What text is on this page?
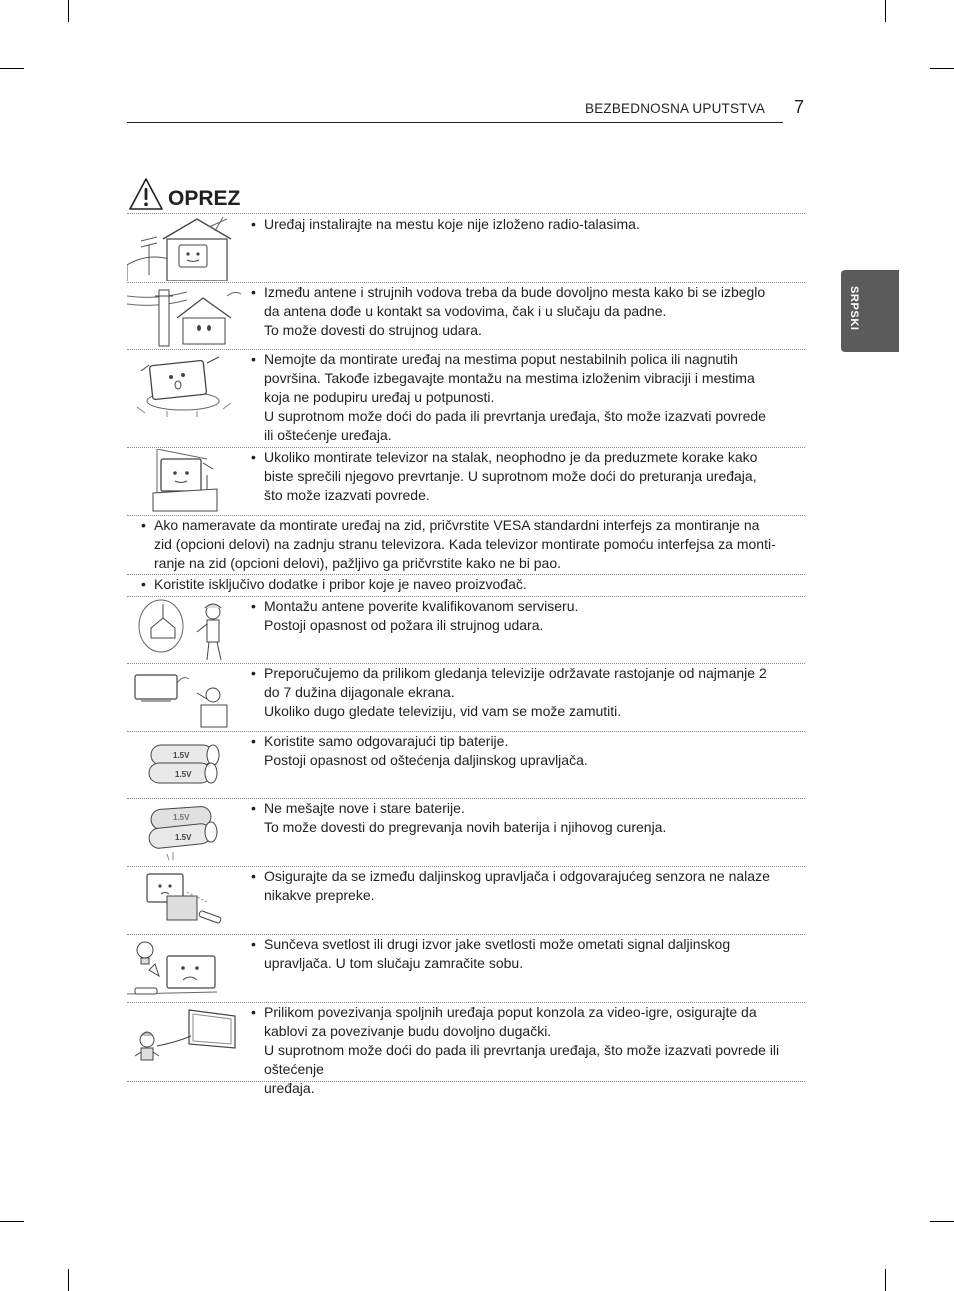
BEZBEDNOSNA UPUTSTVA 7
SRPSKI
OPREZ
• Uređaj instalirajte na mestu koje nije izloženo radio-talasima.
• Između antene i strujnih vodova treba da bude dovoljno mesta kako bi se izbeglo
da antena dođe u kontakt sa vodovima, čak i u slučaju da padne.
To može dovesti do strujnog udara.
• Nemojte da montirate uređaj na mestima poput nestabilnih polica ili nagnutih
površina. Takođe izbegavajte montažu na mestima izloženim vibraciji i mestima
koja ne podupiru uređaj u potpunosti.
U suprotnom može doći do pada ili prevrtanja uređaja, što može izazvati povrede
ili oštećenje uređaja.
• Ukoliko montirate televizor na stalak, neophodno je da preduzmete korake kako
biste sprečili njegovo prevrtanje. U suprotnom može doći do preturanja uređaja,
što može izazvati povrede.
• Ako nameravate da montirate uređaj na zid, pričvrstite VESA standardni interfejs za montiranje na
zid (opcioni delovi) na zadnju stranu televizora. Kada televizor montirate pomoću interfejsa za monti-
ranje na zid (opcioni delovi), pažljivo ga pričvrstite kako ne bi pao.
• Koristite isključivo dodatke i pribor koje je naveo proizvođač.
• Montažu antene poverite kvalifikovanom serviseru.
Postoji opasnost od požara ili strujnog udara.
• Preporučujemo da prilikom gledanja televizije održavate rastojanje od najmanje 2
do 7 dužina dijagonale ekrana.
Ukoliko dugo gledate televiziju, vid vam se može zamutiti.
1.5V
1.5V
• Koristite samo odgovarajući tip baterije.
Postoji opasnost od oštećenja daljinskog upravljača.
1.5V
1.5V
• Ne mešajte nove i stare baterije.
To može dovesti do pregrevanja novih baterija i njihovog curenja.
• Osigurajte da se između daljinskog upravljača i odgovarajućeg senzora ne nalaze
nikakve prepreke.
• Sunčeva svetlost ili drugi izvor jake svetlosti može ometati signal daljinskog
upravljača. U tom slučaju zamračite sobu.
• Prilikom povezivanja spoljnih uređaja poput konzola za video-igre, osigurajte da
kablovi za povezivanje budu dovoljno dugački.
U suprotnom može doći do pada ili prevrtanja uređaja, što može izazvati povrede ili oštećenje
uređaja.
